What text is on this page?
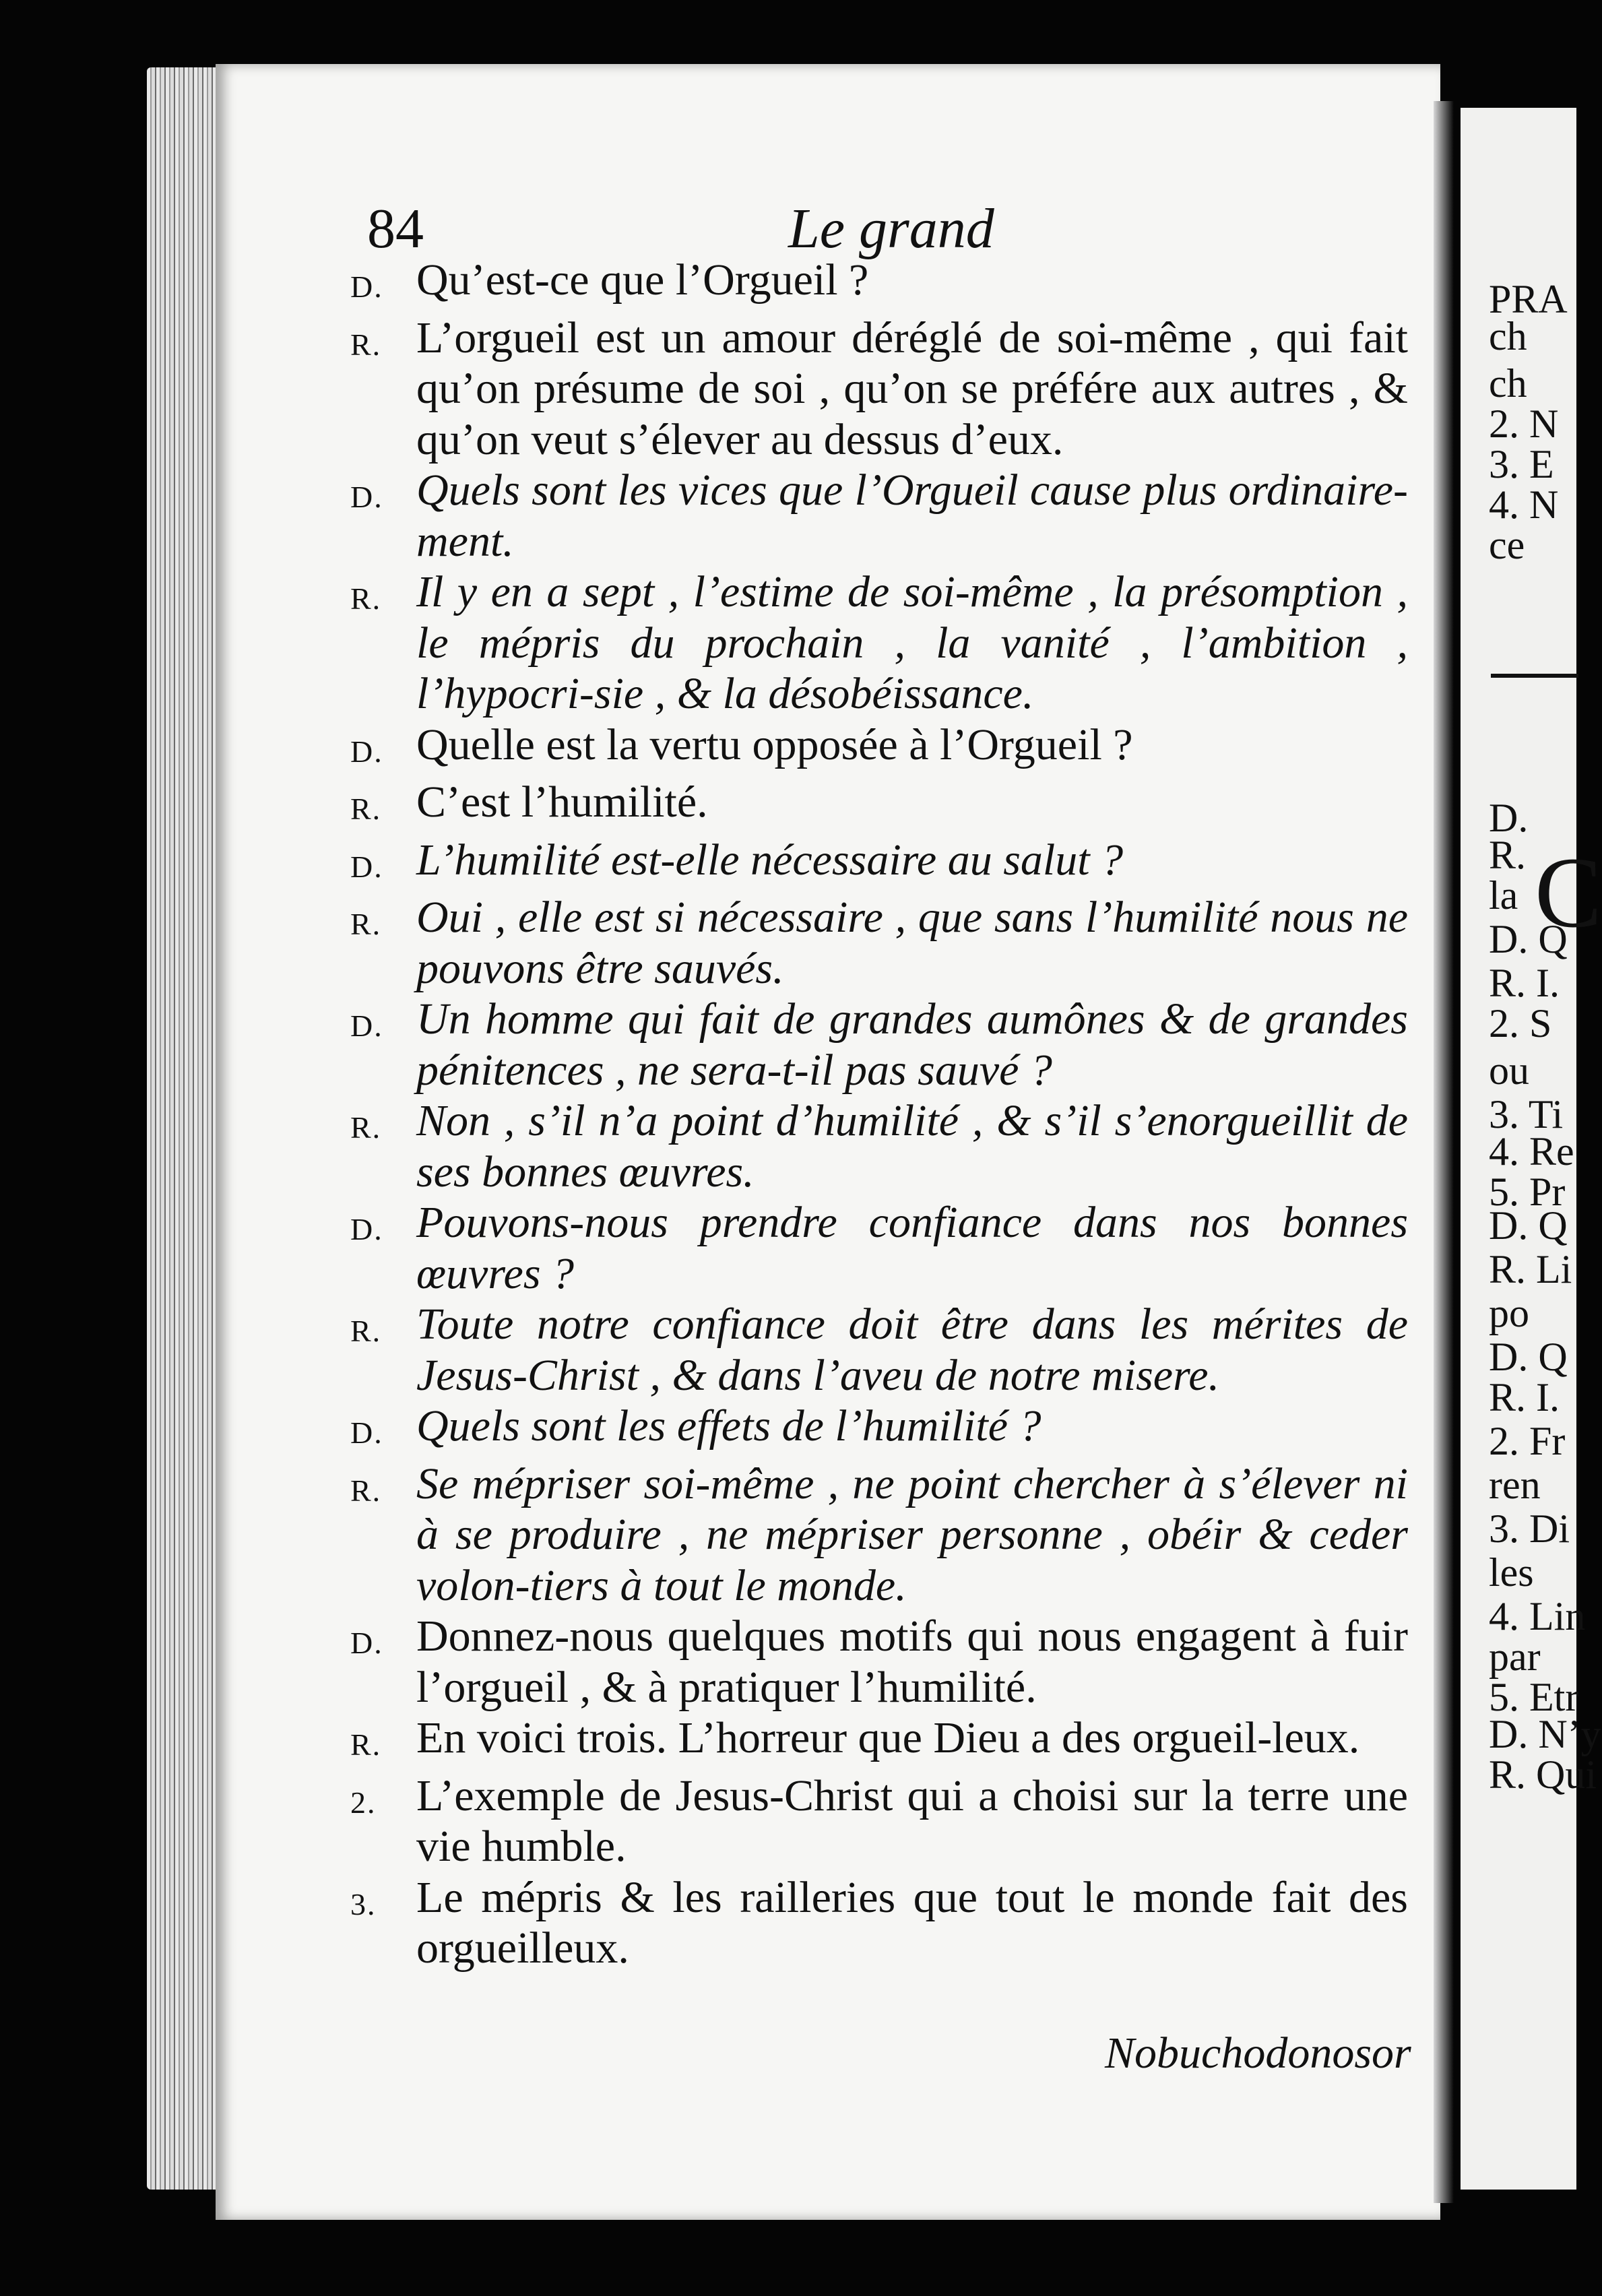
84	Le grand
D. Qu’est-ce que l’Orgueil ?
R. L’orgueil est un amour déréglé de soi-même , qui fait qu’on présume de soi , qu’on se préfére aux autres , & qu’on veut s’élever au dessus d’eux.
D. Quels sont les vices que l’Orgueil cause plus ordinaire-ment.
R. Il y en a sept , l’estime de soi-même , la présomption , le mépris du prochain , la vanité , l’ambition , l’hypocri-sie , & la désobéissance.
D. Quelle est la vertu opposée à l’Orgueil ?
R. C’est l’humilité.
D. L’humilité est-elle nécessaire au salut ?
R. Oui , elle est si nécessaire , que sans l’humilité nous ne pouvons être sauvés.
D. Un homme qui fait de grandes aumônes & de grandes pénitences , ne sera-t-il pas sauvé ?
R. Non , s’il n’a point d’humilité , & s’il s’enorgueillit de ses bonnes œuvres.
D. Pouvons-nous prendre confiance dans nos bonnes œuvres ?
R. Toute notre confiance doit être dans les mérites de Jesus-Christ , & dans l’aveu de notre misere.
D. Quels sont les effets de l’humilité ?
R. Se mépriser soi-même , ne point chercher à s’élever ni à se produire , ne mépriser personne , obéir & ceder volon-tiers à tout le monde.
D. Donnez-nous quelques motifs qui nous engagent à fuir l’orgueil , & à pratiquer l’humilité.
R. En voici trois. L’horreur que Dieu a des orgueil-leux.
2. L’exemple de Jesus-Christ qui a choisi sur la terre une vie humble.
3. Le mépris & les railleries que tout le monde fait des orgueilleux.
Nobuchodonosor
C
PRA
ch
ch
2. N
3. E
4. N
ce
D.
R.
la
D. Q
R. I.
2. S
ou
3. Ti
4. Re
5. Pr
D. Q
R. Li
po
D. Q
R. I.
2. Fr
ren
3. Di
les
4. Lin
par
5. Etr
D. N’y
R. Qui
